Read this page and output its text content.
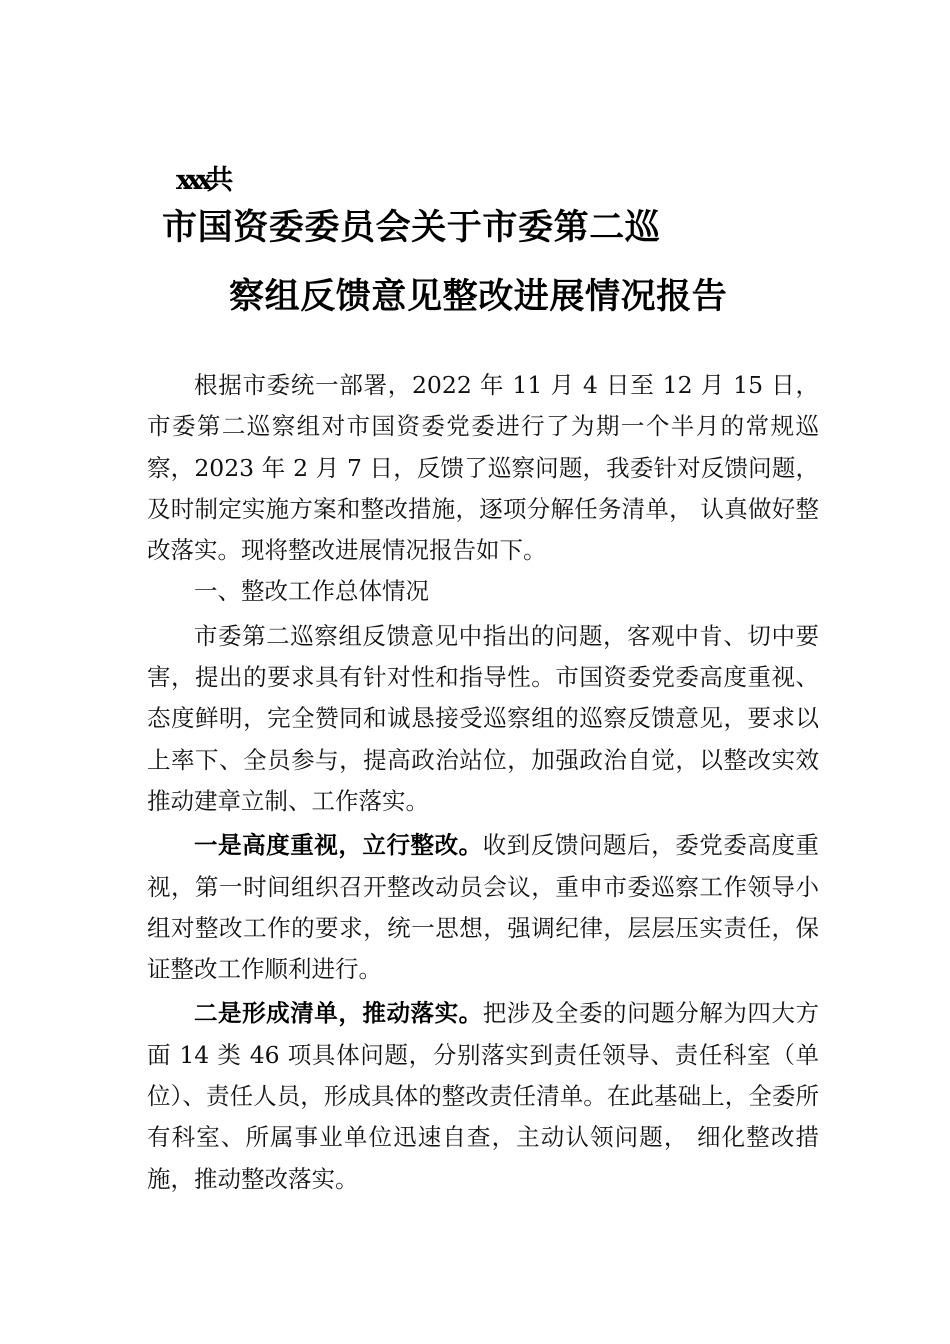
xxx共
市国资委委员会关于市委第二巡
察组反馈意见整改进展情况报告

根据市委统一部署，2022 年 11 月 4 日至 12 月 15 日，市委第二巡察组对市国资委党委进行了为期一个半月的常规巡察，2023 年 2 月 7 日，反馈了巡察问题，我委针对反馈问题，及时制定实施方案和整改措施，逐项分解任务清单， 认真做好整改落实。现将整改进展情况报告如下。

一、整改工作总体情况

市委第二巡察组反馈意见中指出的问题，客观中肯、切中要害，提出的要求具有针对性和指导性。市国资委党委高度重视、态度鲜明，完全赞同和诚恳接受巡察组的巡察反馈意见，要求以上率下、全员参与，提高政治站位，加强政治自觉，以整改实效推动建章立制、工作落实。

一是高度重视，立行整改。收到反馈问题后，委党委高度重视，第一时间组织召开整改动员会议，重申市委巡察工作领导小组对整改工作的要求，统一思想，强调纪律，层层压实责任，保证整改工作顺利进行。

二是形成清单，推动落实。把涉及全委的问题分解为四大方面 14 类 46 项具体问题，分别落实到责任领导、责任科室（单位）、责任人员，形成具体的整改责任清单。在此基础上，全委所有科室、所属事业单位迅速自查，主动认领问题， 细化整改措施，推动整改落实。
